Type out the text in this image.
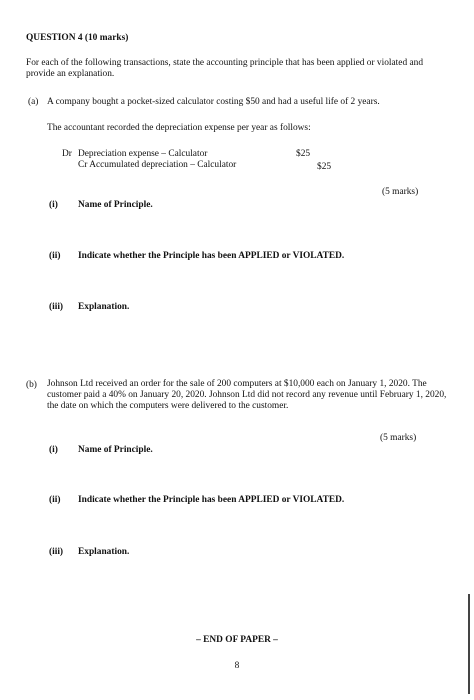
QUESTION 4 (10 marks)
For each of the following transactions, state the accounting principle that has been applied or violated and provide an explanation.
(a) A company bought a pocket-sized calculator costing $50 and had a useful life of 2 years.
The accountant recorded the depreciation expense per year as follows:
Dr Depreciation expense – Calculator	$25
Cr Accumulated depreciation – Calculator	$25
(5 marks)
(i) Name of Principle.
(ii) Indicate whether the Principle has been APPLIED or VIOLATED.
(iii) Explanation.
(b) Johnson Ltd received an order for the sale of 200 computers at $10,000 each on January 1, 2020. The customer paid a 40% on January 20, 2020. Johnson Ltd did not record any revenue until February 1, 2020, the date on which the computers were delivered to the customer.
(5 marks)
(i) Name of Principle.
(ii) Indicate whether the Principle has been APPLIED or VIOLATED.
(iii) Explanation.
– END OF PAPER –
8
